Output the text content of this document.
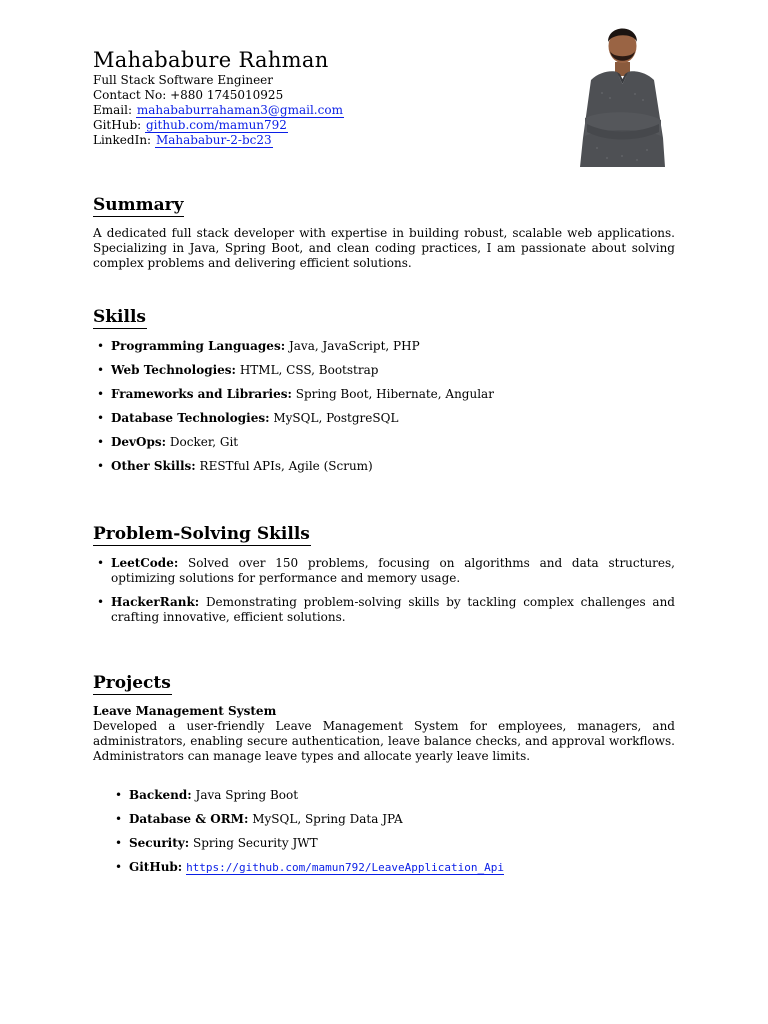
Mahababure Rahman
Full Stack Software Engineer
Contact No: +880 1745010925
Email: mahababurrahaman3@gmail.com
GitHub: github.com/mamun792
LinkedIn: Mahababur-2-bc23
Summary
A dedicated full stack developer with expertise in building robust, scalable web applications. Specializing in Java, Spring Boot, and clean coding practices, I am passionate about solving complex problems and delivering efficient solutions.
Skills
• Programming Languages: Java, JavaScript, PHP
• Web Technologies: HTML, CSS, Bootstrap
• Frameworks and Libraries: Spring Boot, Hibernate, Angular
• Database Technologies: MySQL, PostgreSQL
• DevOps: Docker, Git
• Other Skills: RESTful APIs, Agile (Scrum)
Problem-Solving Skills
• LeetCode: Solved over 150 problems, focusing on algorithms and data structures, optimizing solutions for performance and memory usage.
• HackerRank: Demonstrating problem-solving skills by tackling complex challenges and crafting innovative, efficient solutions.
Projects
Leave Management System
Developed a user-friendly Leave Management System for employees, managers, and administrators, enabling secure authentication, leave balance checks, and approval workflows. Administrators can manage leave types and allocate yearly leave limits.
• Backend: Java Spring Boot
• Database & ORM: MySQL, Spring Data JPA
• Security: Spring Security JWT
• GitHub: https://github.com/mamun792/LeaveApplication_Api
